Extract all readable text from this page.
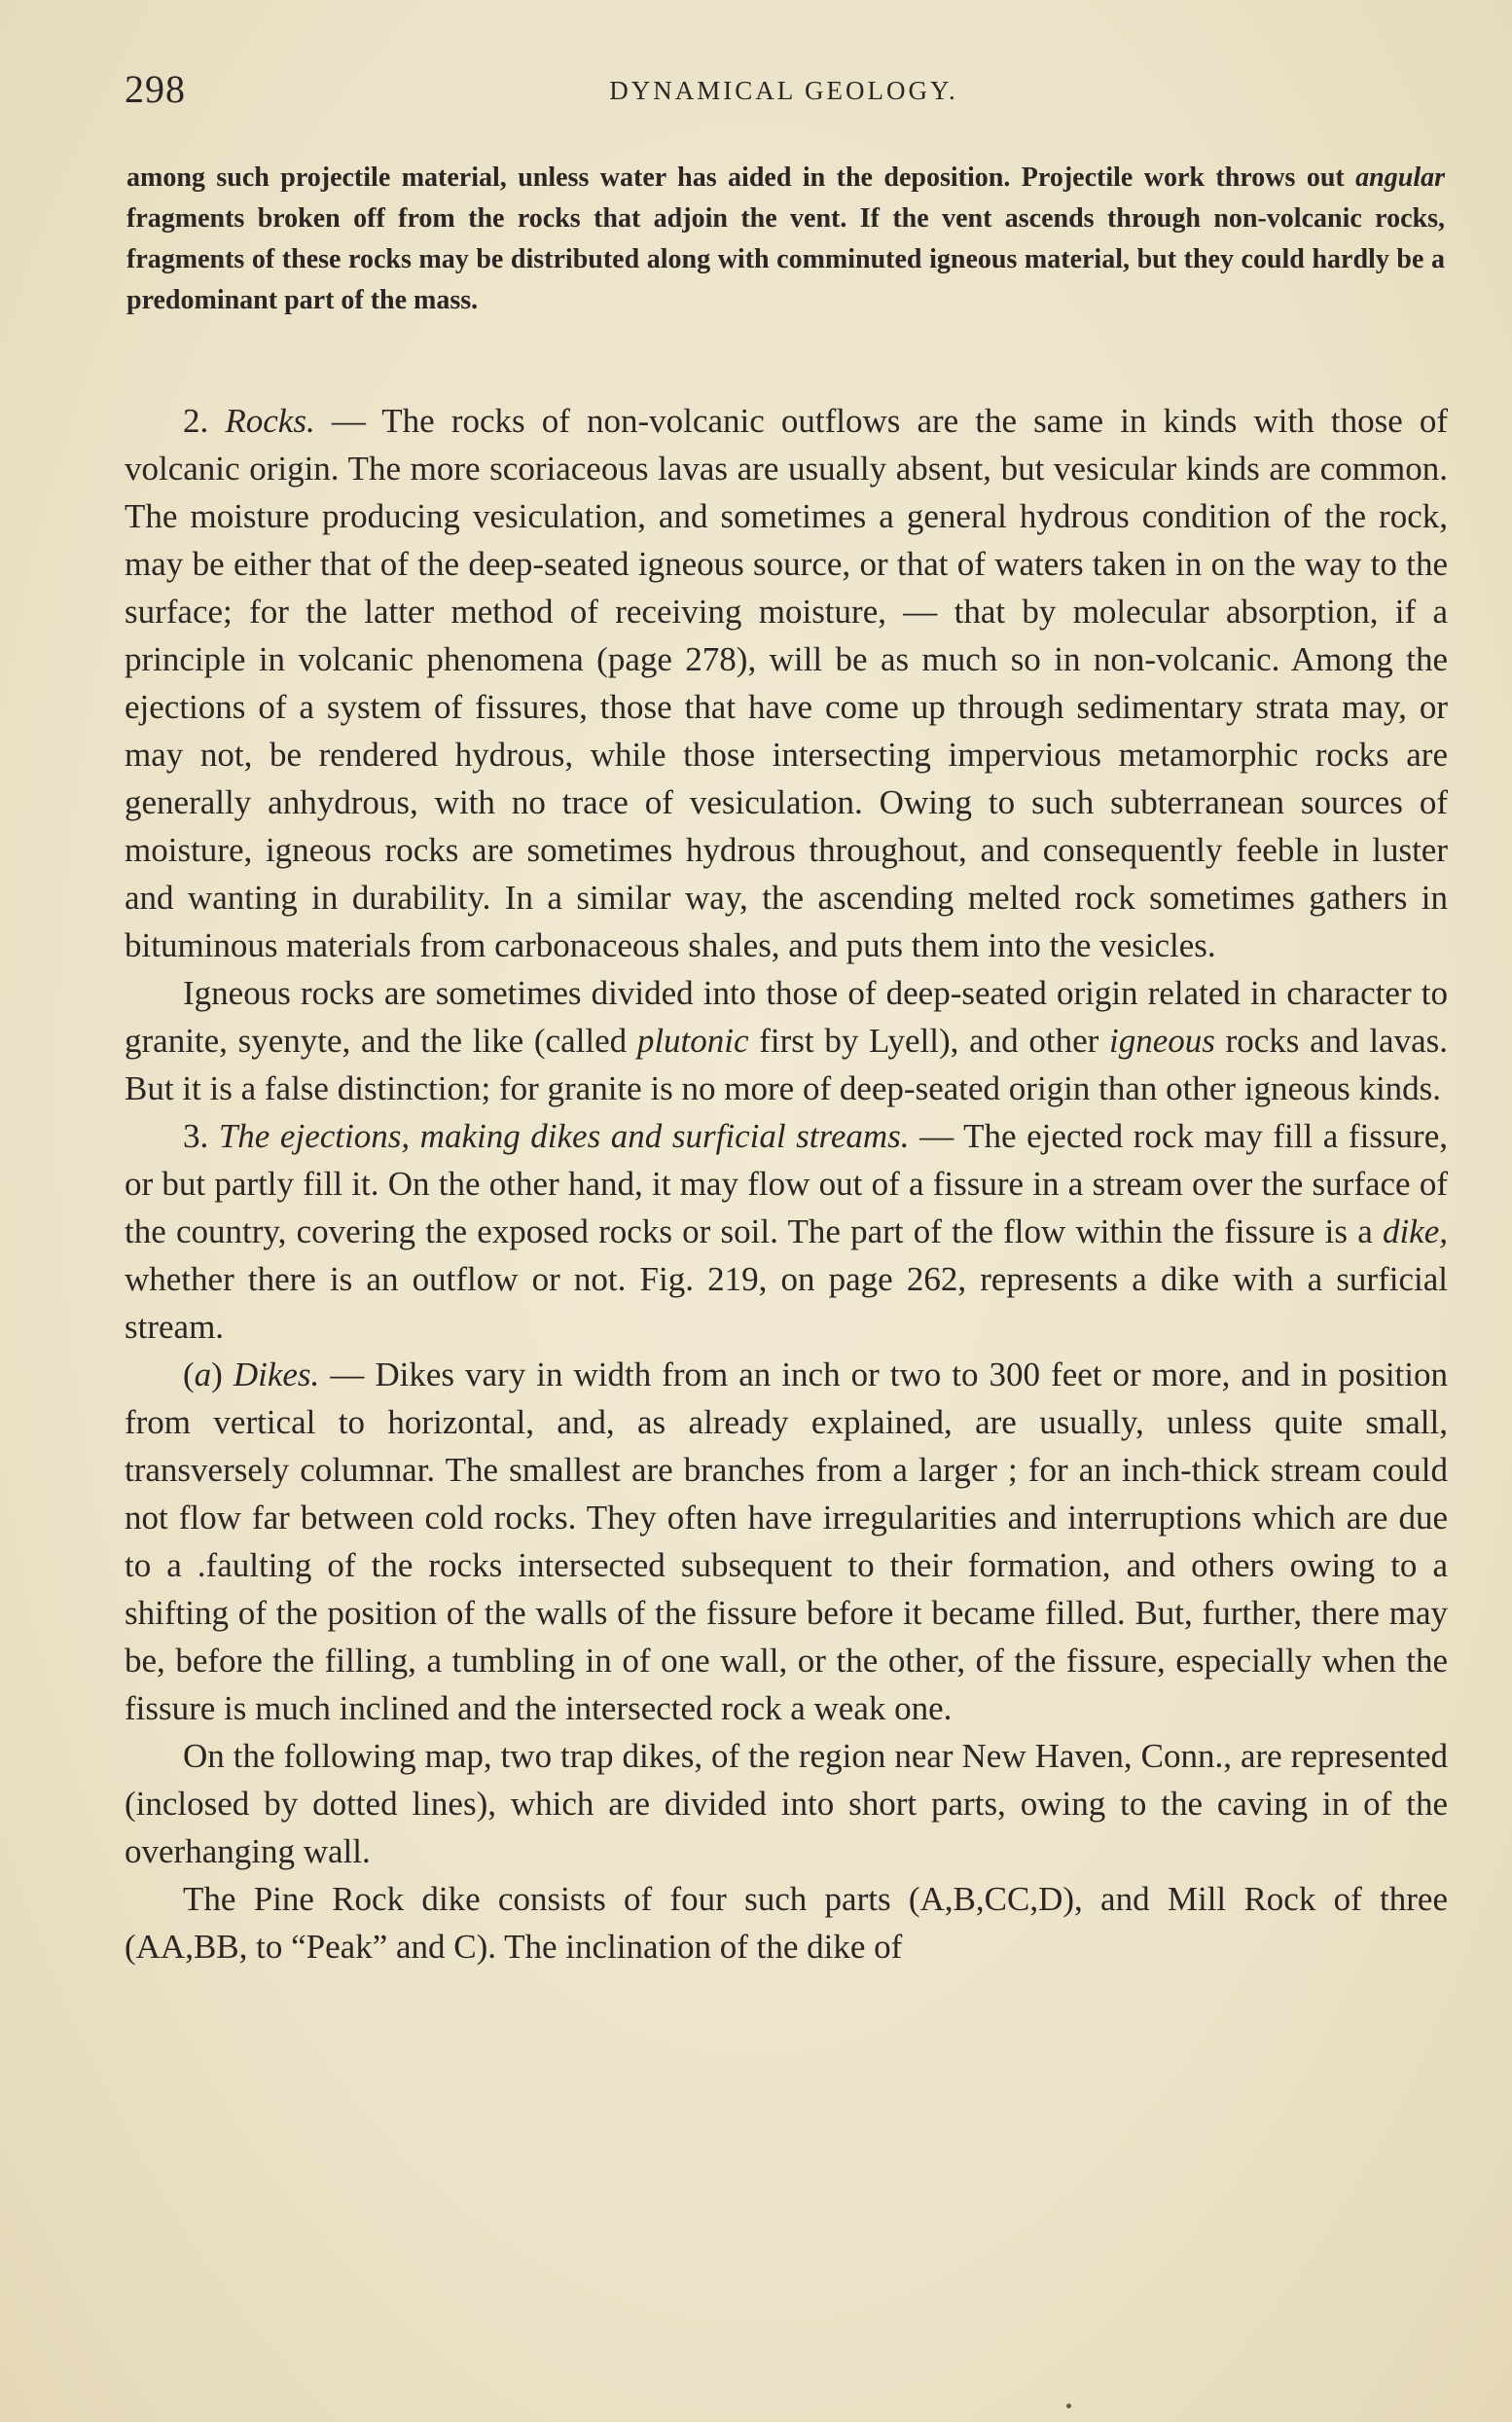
298	DYNAMICAL GEOLOGY.
among such projectile material, unless water has aided in the deposition. Projectile work throws out angular fragments broken off from the rocks that adjoin the vent. If the vent ascends through non-volcanic rocks, fragments of these rocks may be distributed along with comminuted igneous material, but they could hardly be a predominant part of the mass.

2. Rocks. — The rocks of non-volcanic outflows are the same in kinds with those of volcanic origin. The more scoriaceous lavas are usually absent, but vesicular kinds are common. The moisture producing vesiculation, and sometimes a general hydrous condition of the rock, may be either that of the deep-seated igneous source, or that of waters taken in on the way to the surface; for the latter method of receiving moisture, — that by molecular absorption, if a principle in volcanic phenomena (page 278), will be as much so in non-volcanic. Among the ejections of a system of fissures, those that have come up through sedimentary strata may, or may not, be rendered hydrous, while those intersecting impervious metamorphic rocks are generally anhydrous, with no trace of vesiculation. Owing to such subterranean sources of moisture, igneous rocks are sometimes hydrous throughout, and consequently feeble in luster and wanting in durability. In a similar way, the ascending melted rock sometimes gathers in bituminous materials from carbonaceous shales, and puts them into the vesicles.

Igneous rocks are sometimes divided into those of deep-seated origin related in character to granite, syenyte, and the like (called plutonic first by Lyell), and other igneous rocks and lavas. But it is a false distinction; for granite is no more of deep-seated origin than other igneous kinds.

3. The ejections, making dikes and surficial streams. — The ejected rock may fill a fissure, or but partly fill it. On the other hand, it may flow out of a fissure in a stream over the surface of the country, covering the exposed rocks or soil. The part of the flow within the fissure is a dike, whether there is an outflow or not. Fig. 219, on page 262, represents a dike with a surficial stream.

(a) Dikes. — Dikes vary in width from an inch or two to 300 feet or more, and in position from vertical to horizontal, and, as already explained, are usually, unless quite small, transversely columnar. The smallest are branches from a larger ; for an inch-thick stream could not flow far between cold rocks. They often have irregularities and interruptions which are due to a .faulting of the rocks intersected subsequent to their formation, and others owing to a shifting of the position of the walls of the fissure before it became filled. But, further, there may be, before the filling, a tumbling in of one wall, or the other, of the fissure, especially when the fissure is much inclined and the intersected rock a weak one.

On the following map, two trap dikes, of the region near New Haven, Conn., are represented (inclosed by dotted lines), which are divided into short parts, owing to the caving in of the overhanging wall.

The Pine Rock dike consists of four such parts (A,B,CC,D), and Mill Rock of three (AA,BB, to “Peak” and C). The inclination of the dike of
